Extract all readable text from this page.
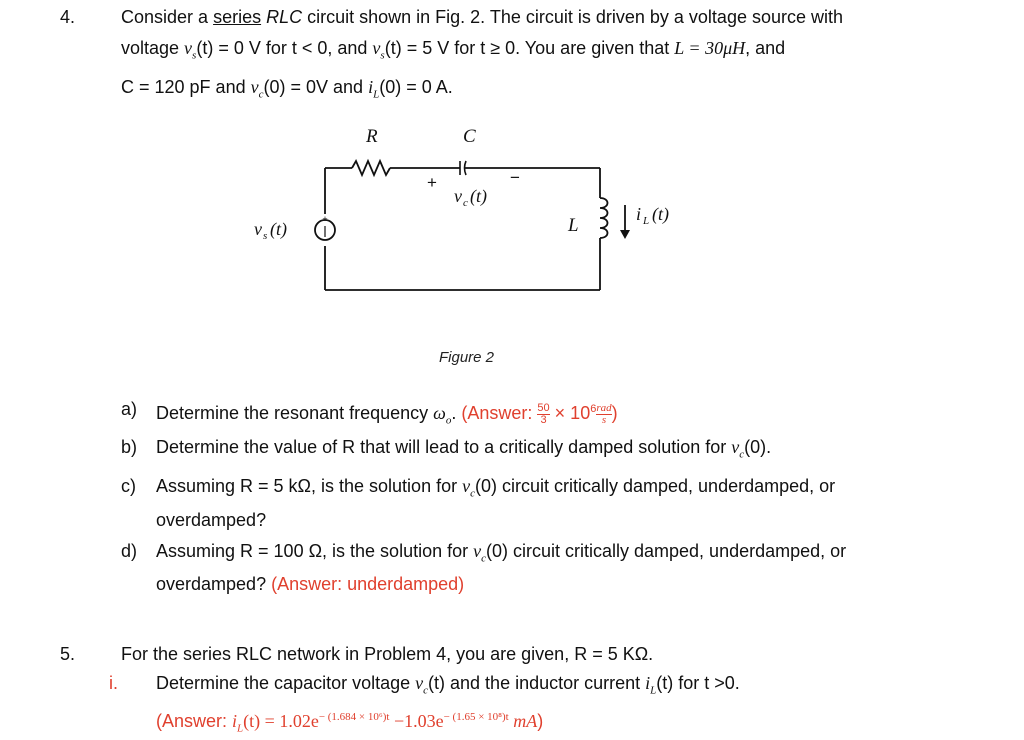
4.	Consider a series RLC circuit shown in Fig. 2. The circuit is driven by a voltage source with
voltage $v_s(t) = 0$ V for t < 0, and $v_s(t) = 5$ V for t ≥ 0. You are given that L = 30μH, and
C = 120 pF and $v_c(0) = 0V$ and $i_L(0) = 0$ A.
+
R	C
+	−
v c (t)
v s (t)	L
i L (t)
Figure 2
a) Determine the resonant frequency $\omega_o$. (Answer: $\frac{50}{3} \times 10^6 \frac{\text{rad}}{s}$ )
b) Determine the value of R that will lead to a critically damped solution for $v_c(0)$.
c) Assuming R = 5 kΩ, is the solution for $v_c(0)$ circuit critically damped, underdamped, or
overdamped?
d) Assuming R = 100 Ω, is the solution for $v_c(0)$ circuit critically damped, underdamped, or
overdamped? (Answer: underdamped)
5.	For the series RLC network in Problem 4, you are given, R = 5 KΩ.
i. Determine the capacitor voltage $v_c(t)$ and the inductor current $i_L(t)$ for t >0.
(Answer: $i_L(t) = 1.02e^{- (1.684 \times 10^6)t} -1.03e^{- (1.65 \times 10^8)t}$ mA)
